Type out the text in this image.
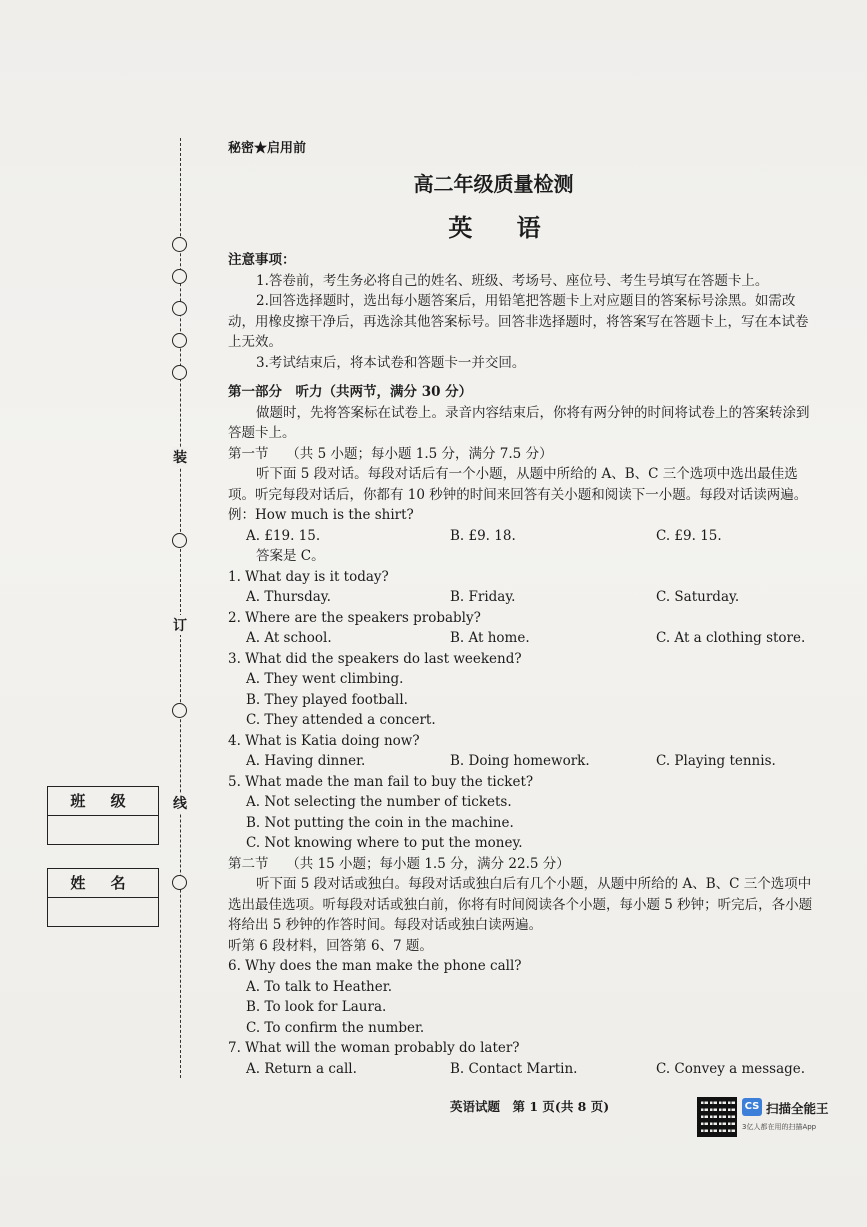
装
订
线
班 级
姓 名
秘密★启用前
高二年级质量检测
英 语

注意事项：

1.答卷前，考生务必将自己的姓名、班级、考场号、座位号、考生号填写在答题卡上。

2.回答选择题时，选出每小题答案后，用铅笔把答题卡上对应题目的答案标号涂黑。如需改动，用橡皮擦干净后，再选涂其他答案标号。回答非选择题时，将答案写在答题卡上，写在本试卷上无效。

3.考试结束后，将本试卷和答题卡一并交回。

第一部分　听力（共两节，满分 30 分）

做题时，先将答案标在试卷上。录音内容结束后，你将有两分钟的时间将试卷上的答案转涂到答题卡上。

第一节　 （共 5 小题；每小题 1.5 分，满分 7.5 分）

听下面 5 段对话。每段对话后有一个小题，从题中所给的 A、B、C 三个选项中选出最佳选项。听完每段对话后，你都有 10 秒钟的时间来回答有关小题和阅读下一小题。每段对话读两遍。

例：How much is the shirt?

A. £19. 15.	B. £9. 18.	C. £9. 15.

答案是 C。

1. What day is it today?

A. Thursday.	B. Friday.	C. Saturday.

2. Where are the speakers probably?

A. At school.	B. At home.	C. At a clothing store.

3. What did the speakers do last weekend?

A. They went climbing.

B. They played football.

C. They attended a concert.

4. What is Katia doing now?

A. Having dinner.	B. Doing homework.	C. Playing tennis.

5. What made the man fail to buy the ticket?

A. Not selecting the number of tickets.

B. Not putting the coin in the machine.

C. Not knowing where to put the money.

第二节　 （共 15 小题；每小题 1.5 分，满分 22.5 分）

听下面 5 段对话或独白。每段对话或独白后有几个小题，从题中所给的 A、B、C 三个选项中选出最佳选项。听每段对话或独白前，你将有时间阅读各个小题，每小题 5 秒钟；听完后，各小题将给出 5 秒钟的作答时间。每段对话或独白读两遍。

听第 6 段材料，回答第 6、7 题。

6. Why does the man make the phone call?

A. To talk to Heather.

B. To look for Laura.

C. To confirm the number.

7. What will the woman probably do later?

A. Return a call.	B. Contact Martin.	C. Convey a message.
英语试题　第 1 页(共 8 页)	CS 扫描全能王
3亿人都在用的扫描App
